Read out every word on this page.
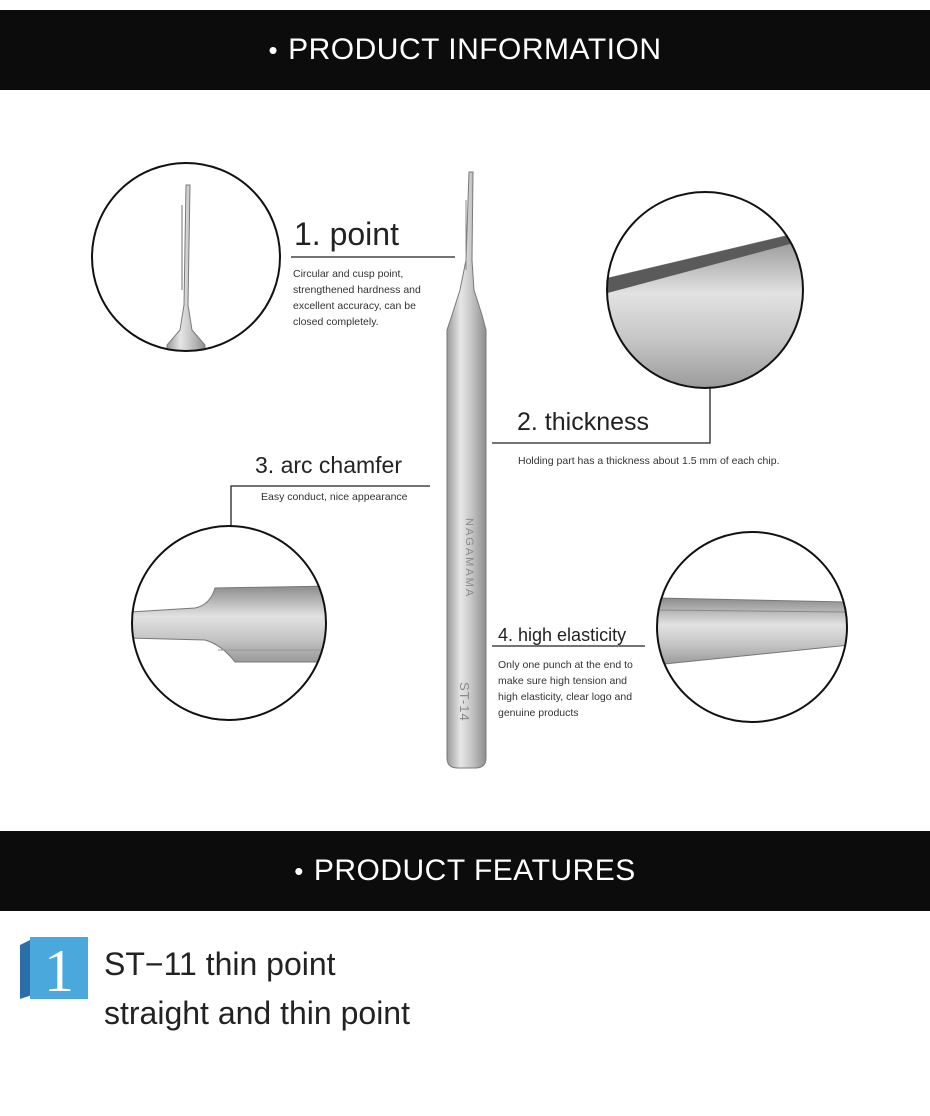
• PRODUCT INFORMATION
NAGAMAMA
ST-14
1. point
Circular and cusp point,
strengthened hardness and
excellent accuracy, can be
closed completely.
2. thickness
Holding part has a thickness about 1.5 mm of each chip.
3. arc chamfer
Easy conduct, nice appearance
4. high elasticity
Only one punch at the end to
make sure high tension and
high elasticity, clear logo and
genuine products
• PRODUCT FEATURES
1 ST−11 thin point
straight and thin point
